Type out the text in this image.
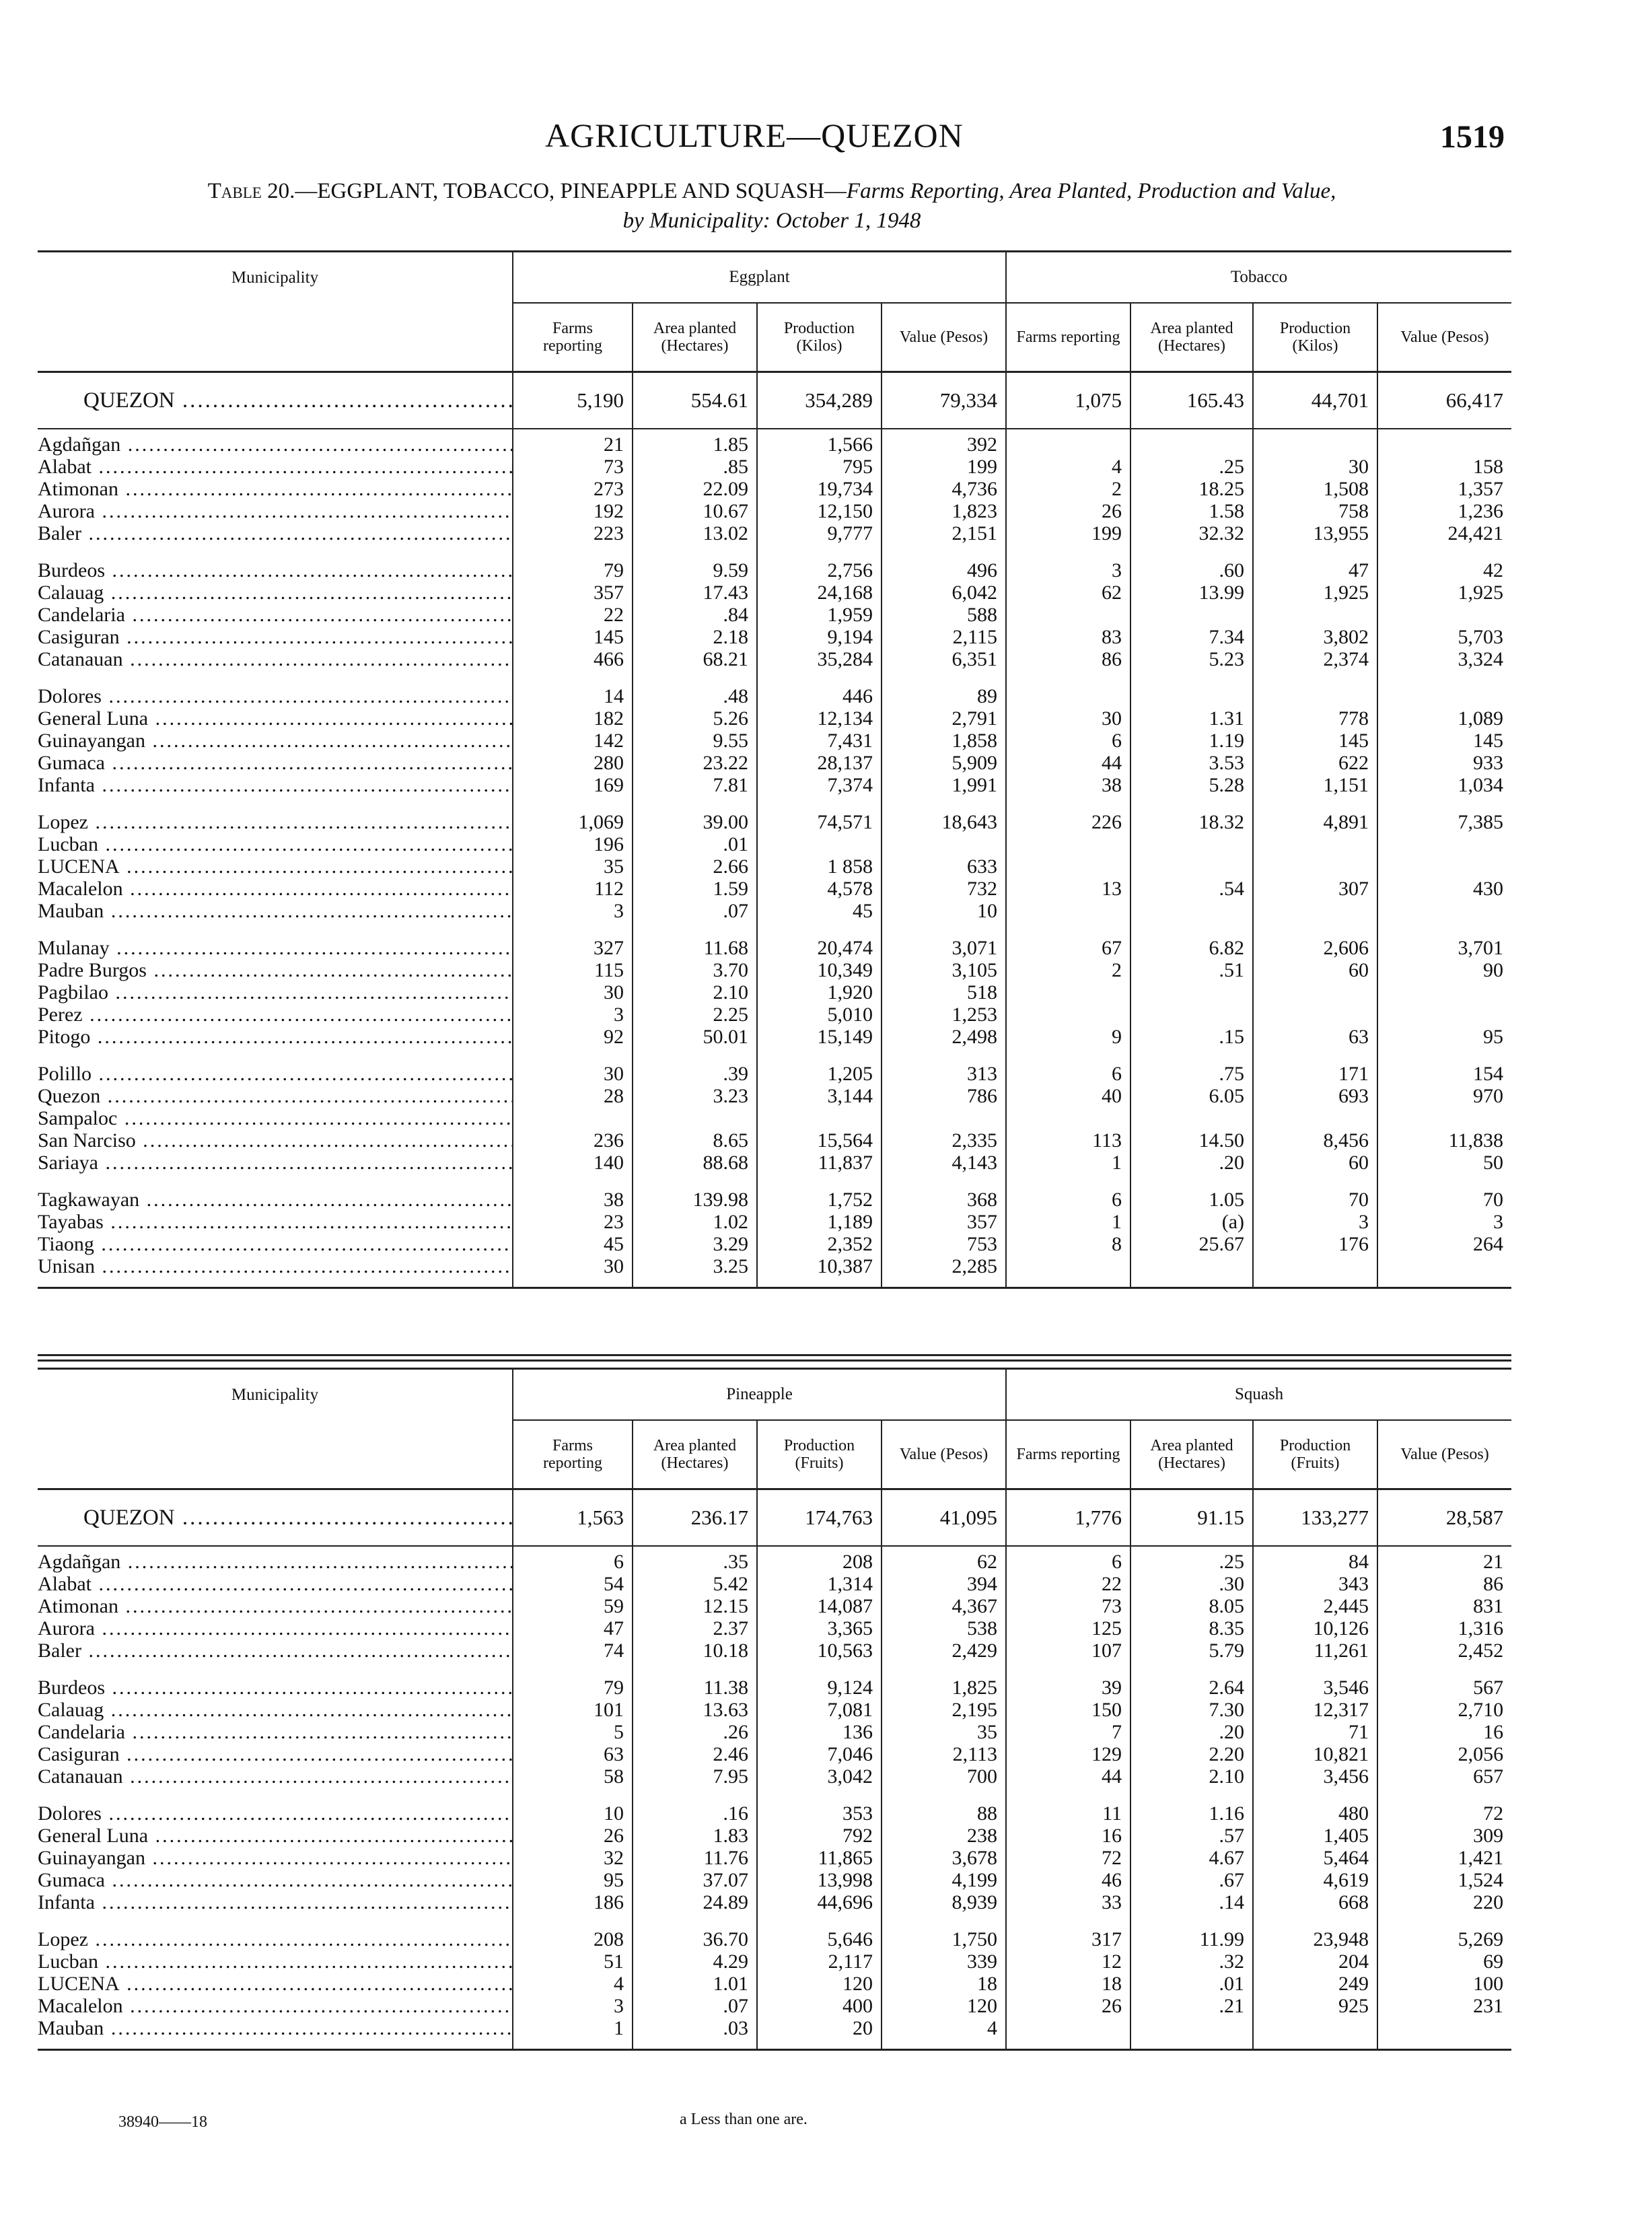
AGRICULTURE—QUEZON	1519
Table 20.—EGGPLANT, TOBACCO, PINEAPPLE AND SQUASH—Farms Reporting, Area Planted, Production and Value,
by Municipality: October 1, 1948
Municipality	Eggplant				Tobacco			
	Farms reporting	Area planted (Hectares)	Production (Kilos)	Value (Pesos)	Farms reporting	Area planted (Hectares)	Production (Kilos)	Value (Pesos)
QUEZON .....	5,190	554.61	354,289	79,334	1,075	165.43	44,701	66,417
Agdañgan .....	21	1.85	1,566	392				
Alabat .....	73	.85	795	199	4	.25	30	158
Atimonan .....	273	22.09	19,734	4,736	2	18.25	1,508	1,357
Aurora .....	192	10.67	12,150	1,823	26	1.58	758	1,236
Baler .....	223	13.02	9,777	2,151	199	32.32	13,955	24,421

Burdeos .....	79	9.59	2,756	496	3	.60	47	42
Calauag .....	357	17.43	24,168	6,042	62	13.99	1,925	1,925
Candelaria .....	22	.84	1,959	588				
Casiguran .....	145	2.18	9,194	2,115	83	7.34	3,802	5,703
Catanauan .....	466	68.21	35,284	6,351	86	5.23	2,374	3,324

Dolores .....	14	.48	446	89				
General Luna .....	182	5.26	12,134	2,791	30	1.31	778	1,089
Guinayangan .....	142	9.55	7,431	1,858	6	1.19	145	145
Gumaca .....	280	23.22	28,137	5,909	44	3.53	622	933
Infanta .....	169	7.81	7,374	1,991	38	5.28	1,151	1,034

Lopez .....	1,069	39.00	74,571	18,643	226	18.32	4,891	7,385
Lucban .....	196	.01						
LUCENA .....	35	2.66	1 858	633				
Macalelon .....	112	1.59	4,578	732	13	.54	307	430
Mauban .....	3	.07	45	10				

Mulanay .....	327	11.68	20,474	3,071	67	6.82	2,606	3,701
Padre Burgos .....	115	3.70	10,349	3,105	2	.51	60	90
Pagbilao .....	30	2.10	1,920	518				
Perez .....	3	2.25	5,010	1,253				
Pitogo .....	92	50.01	15,149	2,498	9	.15	63	95

Polillo .....	30	.39	1,205	313	6	.75	171	154
Quezon .....	28	3.23	3,144	786	40	6.05	693	970
Sampaloc .....								
San Narciso .....	236	8.65	15,564	2,335	113	14.50	8,456	11,838
Sariaya .....	140	88.68	11,837	4,143	1	.20	60	50

Tagkawayan .....	38	139.98	1,752	368	6	1.05	70	70
Tayabas .....	23	1.02	1,189	357	1	(a)	3	3
Tiaong .....	45	3.29	2,352	753	8	25.67	176	264
Unisan .....	30	3.25	10,387	2,285				

Municipality	Pineapple				Squash			
	Farms reporting	Area planted (Hectares)	Production (Fruits)	Value (Pesos)	Farms reporting	Area planted (Hectares)	Production (Fruits)	Value (Pesos)
QUEZON .....	1,563	236.17	174,763	41,095	1,776	91.15	133,277	28,587
Agdañgan .....	6	.35	208	62	6	.25	84	21
Alabat .....	54	5.42	1,314	394	22	.30	343	86
Atimonan .....	59	12.15	14,087	4,367	73	8.05	2,445	831
Aurora .....	47	2.37	3,365	538	125	8.35	10,126	1,316
Baler .....	74	10.18	10,563	2,429	107	5.79	11,261	2,452

Burdeos .....	79	11.38	9,124	1,825	39	2.64	3,546	567
Calauag .....	101	13.63	7,081	2,195	150	7.30	12,317	2,710
Candelaria .....	5	.26	136	35	7	.20	71	16
Casiguran .....	63	2.46	7,046	2,113	129	2.20	10,821	2,056
Catanauan .....	58	7.95	3,042	700	44	2.10	3,456	657

Dolores .....	10	.16	353	88	11	1.16	480	72
General Luna .....	26	1.83	792	238	16	.57	1,405	309
Guinayangan .....	32	11.76	11,865	3,678	72	4.67	5,464	1,421
Gumaca .....	95	37.07	13,998	4,199	46	.67	4,619	1,524
Infanta .....	186	24.89	44,696	8,939	33	.14	668	220

Lopez .....	208	36.70	5,646	1,750	317	11.99	23,948	5,269
Lucban .....	51	4.29	2,117	339	12	.32	204	69
LUCENA .....	4	1.01	120	18	18	.01	249	100
Macalelon .....	3	.07	400	120	26	.21	925	231
Mauban .....	1	.03	20	4				

38940——18	a Less than one are.
